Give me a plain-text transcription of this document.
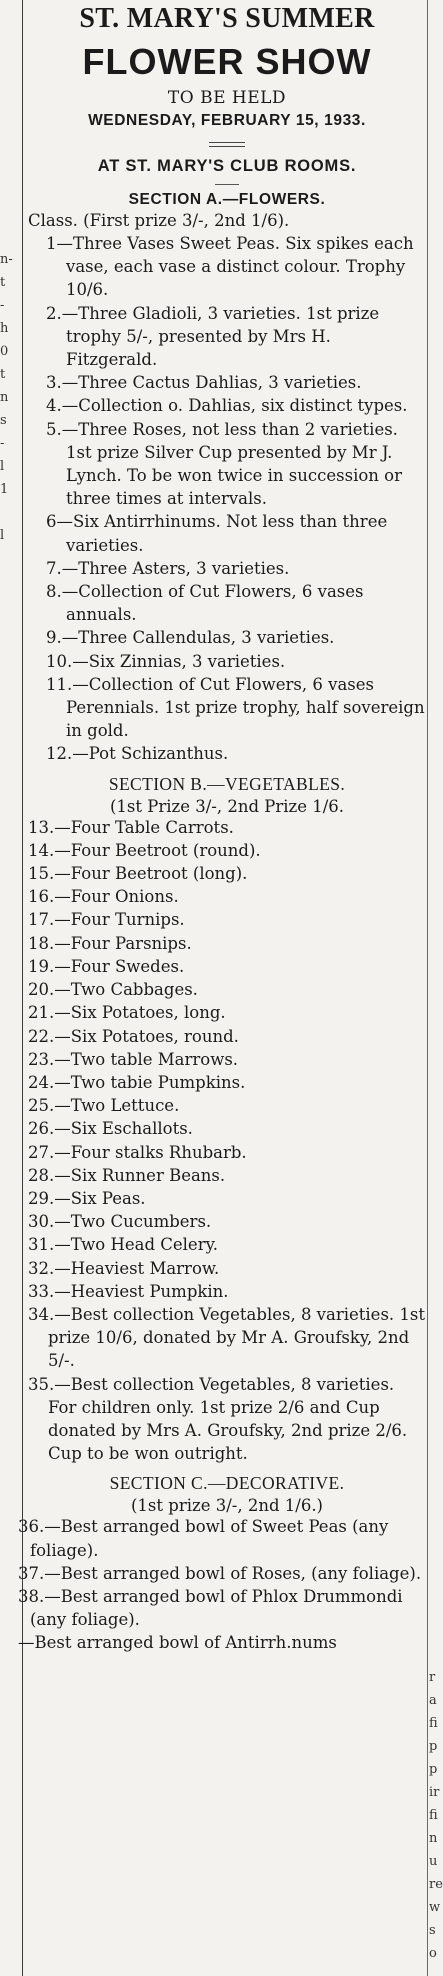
n-
t
-
h
0
t
n
s
-
l
1
l
r
a
fi
p
p
ir
fi
n
u
re
w
s
o
ST. MARY'S SUMMER
FLOWER SHOW
TO BE HELD
WEDNESDAY, FEBRUARY 15, 1933.
AT ST. MARY'S CLUB ROOMS.
SECTION A.—FLOWERS.
Class. (First prize 3/-, 2nd 1/6).
1—Three Vases Sweet Peas. Six spikes each vase, each vase a distinct colour. Trophy 10/6.
2.—Three Gladioli, 3 varieties. 1st prize trophy 5/-, presented by Mrs H. Fitzgerald.
3.—Three Cactus Dahlias, 3 varieties.
4.—Collection o. Dahlias, six distinct types.
5.—Three Roses, not less than 2 varieties. 1st prize Silver Cup presented by Mr J. Lynch. To be won twice in succession or three times at intervals.
6—Six Antirrhinums. Not less than three varieties.
7.—Three Asters, 3 varieties.
8.—Collection of Cut Flowers, 6 vases annuals.
9.—Three Callendulas, 3 varieties.
10.—Six Zinnias, 3 varieties.
11.—Collection of Cut Flowers, 6 vases Perennials. 1st prize trophy, half sovereign in gold.
12.—Pot Schizanthus.
SECTION B.—VEGETABLES.
(1st Prize 3/-, 2nd Prize 1/6.
13.—Four Table Carrots.
14.—Four Beetroot (round).
15.—Four Beetroot (long).
16.—Four Onions.
17.—Four Turnips.
18.—Four Parsnips.
19.—Four Swedes.
20.—Two Cabbages.
21.—Six Potatoes, long.
22.—Six Potatoes, round.
23.—Two table Marrows.
24.—Two tabie Pumpkins.
25.—Two Lettuce.
26.—Six Eschallots.
27.—Four stalks Rhubarb.
28.—Six Runner Beans.
29.—Six Peas.
30.—Two Cucumbers.
31.—Two Head Celery.
32.—Heaviest Marrow.
33.—Heaviest Pumpkin.
34.—Best collection Vegetables, 8 varieties. 1st prize 10/6, donated by Mr A. Groufsky, 2nd 5/-.
35.—Best collection Vegetables, 8 varieties. For children only. 1st prize 2/6 and Cup donated by Mrs A. Groufsky, 2nd prize 2/6. Cup to be won outright.
SECTION C.—DECORATIVE.
(1st prize 3/-, 2nd 1/6.)
36.—Best arranged bowl of Sweet Peas (any foliage).
37.—Best arranged bowl of Roses, (any foliage).
38.—Best arranged bowl of Phlox Drummondi (any foliage).
—Best arranged bowl of Antirrh.nums
